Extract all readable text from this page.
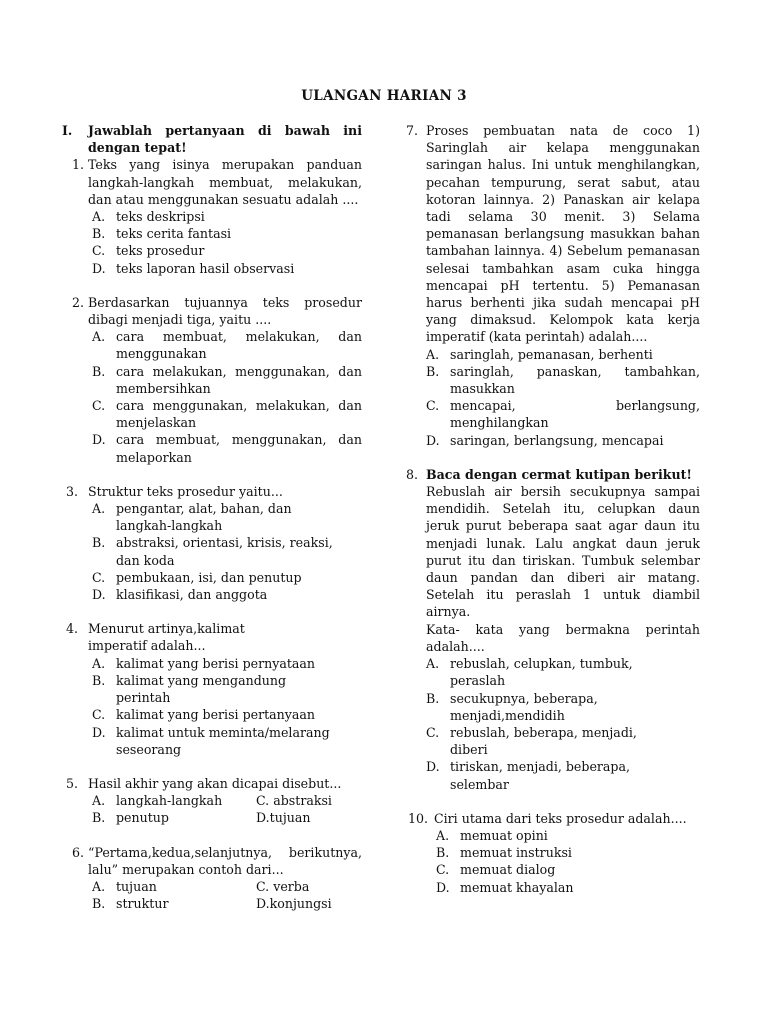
ULANGAN HARIAN 3
I. Jawablah pertanyaan di bawah ini dengan tepat!
1. Teks yang isinya merupakan panduan langkah-langkah membuat, melakukan, dan atau menggunakan sesuatu adalah ....
A. teks deskripsi
B. teks cerita fantasi
C. teks prosedur
D. teks laporan hasil observasi
2. Berdasarkan tujuannya teks prosedur dibagi menjadi tiga, yaitu ....
A. cara membuat, melakukan, dan menggunakan
B. cara melakukan, menggunakan, dan membersihkan
C. cara menggunakan, melakukan, dan menjelaskan
D. cara membuat, menggunakan, dan melaporkan
3. Struktur teks prosedur yaitu...
A. pengantar, alat, bahan, dan langkah-langkah
B. abstraksi, orientasi, krisis, reaksi, dan koda
C. pembukaan, isi, dan penutup
D. klasifikasi, dan anggota
4. Menurut artinya,kalimat imperatif adalah...
A. kalimat yang berisi pernyataan
B. kalimat yang mengandung perintah
C. kalimat yang berisi pertanyaan
D. kalimat untuk meminta/melarang seseorang
5. Hasil akhir yang akan dicapai disebut...
A. langkah-langkah	C. abstraksi
B. penutup	D.tujuan
6. “Pertama,kedua,selanjutnya, berikutnya, lalu” merupakan contoh dari...
A. tujuan	C. verba
B. struktur	D.konjungsi
7. Proses pembuatan nata de coco 1) Saringlah air kelapa menggunakan saringan halus. Ini untuk menghilangkan, pecahan tempurung, serat sabut, atau kotoran lainnya. 2) Panaskan air kelapa tadi selama 30 menit. 3) Selama pemanasan berlangsung masukkan bahan tambahan lainnya. 4) Sebelum pemanasan selesai tambahkan asam cuka hingga mencapai pH tertentu. 5) Pemanasan harus berhenti jika sudah mencapai pH yang dimaksud. Kelompok kata kerja imperatif (kata perintah) adalah....
A. saringlah, pemanasan, berhenti
B. saringlah, panaskan, tambahkan, masukkan
C. mencapai, berlangsung, menghilangkan
D. saringan, berlangsung, mencapai
8. Baca dengan cermat kutipan berikut!
Rebuslah air bersih secukupnya sampai mendidih. Setelah itu, celupkan daun jeruk purut beberapa saat agar daun itu menjadi lunak. Lalu angkat daun jeruk purut itu dan tiriskan. Tumbuk selembar daun pandan dan diberi air matang. Setelah itu peraslah 1 untuk diambil airnya.
Kata- kata yang bermakna perintah adalah....
A. rebuslah, celupkan, tumbuk, peraslah
B. secukupnya, beberapa, menjadi,mendidih
C. rebuslah, beberapa, menjadi, diberi
D. tiriskan, menjadi, beberapa, selembar
10. Ciri utama dari teks prosedur adalah....
A. memuat opini
B. memuat instruksi
C. memuat dialog
D. memuat khayalan
